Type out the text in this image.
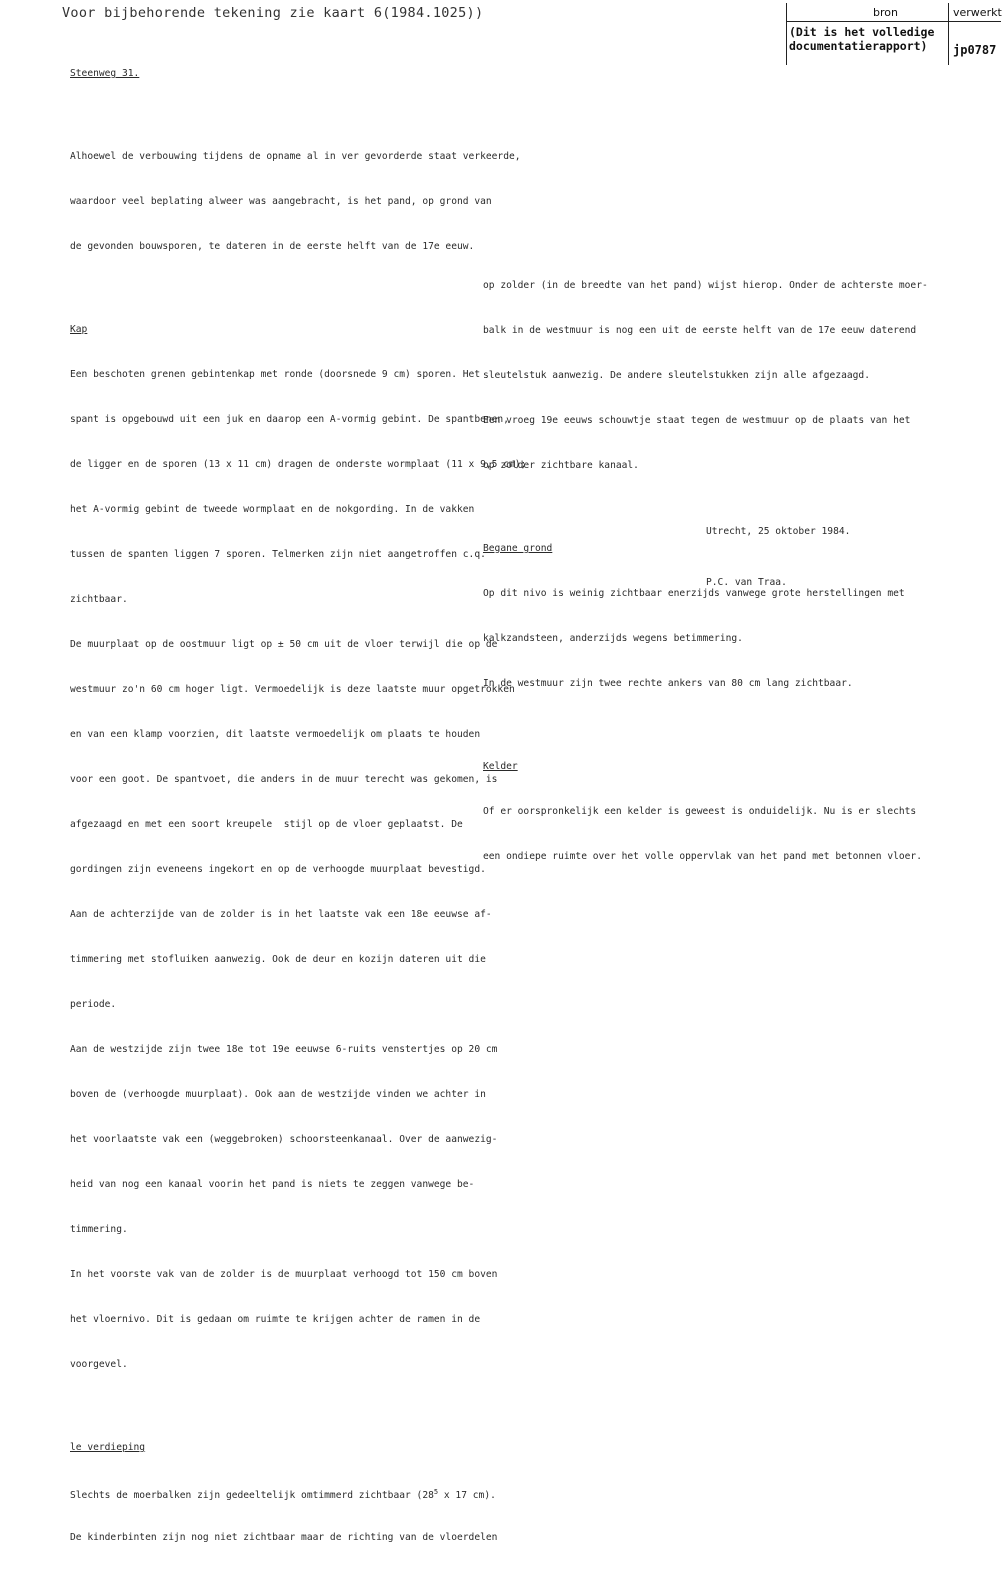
Voor bijbehorende tekening zie kaart 6(1984.1025))	bron	verwerkt
(Dit is het volledige
documentatierapport)	jp0787

Steenweg 31.

Alhoewel de verbouwing tijdens de opname al in ver gevorderde staat verkeerde,

waardoor veel beplating alweer was aangebracht, is het pand, op grond van

de gevonden bouwsporen, te dateren in de eerste helft van de 17e eeuw.

Kap

Een beschoten grenen gebintenkap met ronde (doorsnede 9 cm) sporen. Het

spant is opgebouwd uit een juk en daarop een A-vormig gebint. De spantbenen,

de ligger en de sporen (13 x 11 cm) dragen de onderste wormplaat (11 x 9,5 cm);

het A-vormig gebint de tweede wormplaat en de nokgording. In de vakken

tussen de spanten liggen 7 sporen. Telmerken zijn niet aangetroffen c.q.

zichtbaar.

De muurplaat op de oostmuur ligt op ± 50 cm uit de vloer terwijl die op de

westmuur zo'n 60 cm hoger ligt. Vermoedelijk is deze laatste muur opgetrokken

en van een klamp voorzien, dit laatste vermoedelijk om plaats te houden

voor een goot. De spantvoet, die anders in de muur terecht was gekomen, is

afgezaagd en met een soort kreupele  stijl op de vloer geplaatst. De

gordingen zijn eveneens ingekort en op de verhoogde muurplaat bevestigd.

Aan de achterzijde van de zolder is in het laatste vak een 18e eeuwse af-

timmering met stofluiken aanwezig. Ook de deur en kozijn dateren uit die

periode.

Aan de westzijde zijn twee 18e tot 19e eeuwse 6-ruits venstertjes op 20 cm

boven de (verhoogde muurplaat). Ook aan de westzijde vinden we achter in

het voorlaatste vak een (weggebroken) schoorsteenkanaal. Over de aanwezig-

heid van nog een kanaal voorin het pand is niets te zeggen vanwege be-

timmering.

In het voorste vak van de zolder is de muurplaat verhoogd tot 150 cm boven

het vloernivo. Dit is gedaan om ruimte te krijgen achter de ramen in de

voorgevel.

le verdieping

Slechts de moerbalken zijn gedeeltelijk omtimmerd zichtbaar ($28^5$ x 17 cm).

De kinderbinten zijn nog niet zichtbaar maar de richting van de vloerdelen

op zolder (in de breedte van het pand) wijst hierop. Onder de achterste moer-

balk in de westmuur is nog een uit de eerste helft van de 17e eeuw daterend

sleutelstuk aanwezig. De andere sleutelstukken zijn alle afgezaagd.

Een vroeg 19e eeuws schouwtje staat tegen de westmuur op de plaats van het

op zolder zichtbare kanaal.

Begane grond

Op dit nivo is weinig zichtbaar enerzijds vanwege grote herstellingen met

kalkzandsteen, anderzijds wegens betimmering.

In de westmuur zijn twee rechte ankers van 80 cm lang zichtbaar.

Kelder

Of er oorspronkelijk een kelder is geweest is onduidelijk. Nu is er slechts

een ondiepe ruimte over het volle oppervlak van het pand met betonnen vloer.

Utrecht, 25 oktober 1984.

P.C. van Traa.
